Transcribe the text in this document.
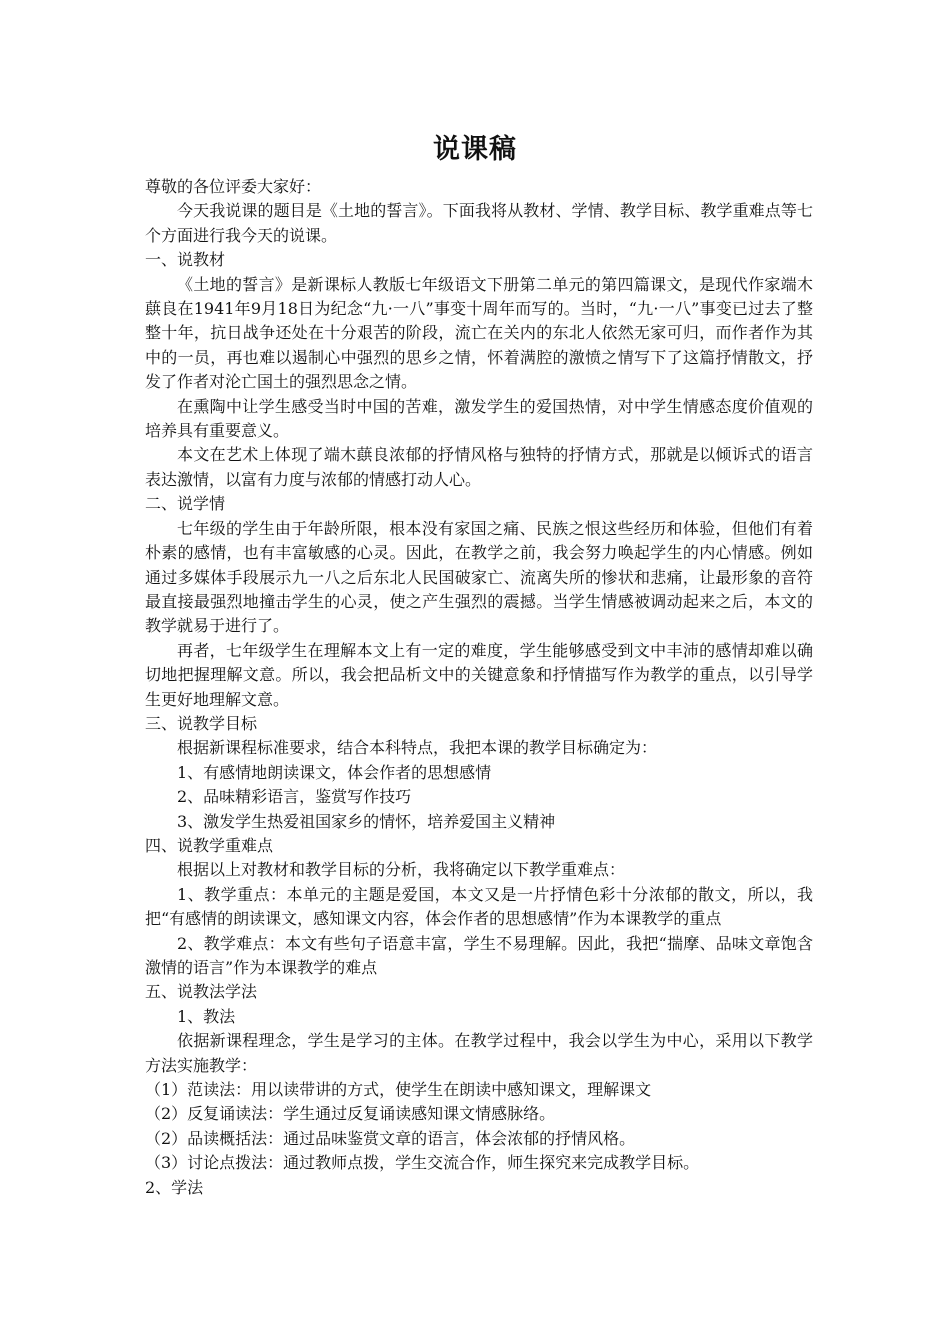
说课稿

尊敬的各位评委大家好：

今天我说课的题目是《土地的誓言》。下面我将从教材、学情、教学目标、教学重难点等七个方面进行我今天的说课。

一、说教材

《土地的誓言》是新课标人教版七年级语文下册第二单元的第四篇课文，是现代作家端木蕻良在1941年9月18日为纪念“九·一八”事变十周年而写的。当时，“九·一八”事变已过去了整整十年，抗日战争还处在十分艰苦的阶段，流亡在关内的东北人依然无家可归，而作者作为其中的一员，再也难以遏制心中强烈的思乡之情，怀着满腔的激愤之情写下了这篇抒情散文，抒发了作者对沦亡国土的强烈思念之情。

在熏陶中让学生感受当时中国的苦难，激发学生的爱国热情，对中学生情感态度价值观的培养具有重要意义。

本文在艺术上体现了端木蕻良浓郁的抒情风格与独特的抒情方式，那就是以倾诉式的语言表达激情，以富有力度与浓郁的情感打动人心。

二、说学情

七年级的学生由于年龄所限，根本没有家国之痛、民族之恨这些经历和体验，但他们有着朴素的感情，也有丰富敏感的心灵。因此，在教学之前，我会努力唤起学生的内心情感。例如通过多媒体手段展示九一八之后东北人民国破家亡、流离失所的惨状和悲痛，让最形象的音符最直接最强烈地撞击学生的心灵，使之产生强烈的震撼。当学生情感被调动起来之后，本文的教学就易于进行了。

再者，七年级学生在理解本文上有一定的难度，学生能够感受到文中丰沛的感情却难以确切地把握理解文意。所以，我会把品析文中的关键意象和抒情描写作为教学的重点，以引导学生更好地理解文意。

三、说教学目标

根据新课程标准要求，结合本科特点，我把本课的教学目标确定为：

1、有感情地朗读课文，体会作者的思想感情

2、品味精彩语言，鉴赏写作技巧

3、激发学生热爱祖国家乡的情怀，培养爱国主义精神

四、说教学重难点

根据以上对教材和教学目标的分析，我将确定以下教学重难点：

1、教学重点：本单元的主题是爱国，本文又是一片抒情色彩十分浓郁的散文，所以，我把“有感情的朗读课文，感知课文内容，体会作者的思想感情”作为本课教学的重点

2、教学难点：本文有些句子语意丰富，学生不易理解。因此，我把“揣摩、品味文章饱含激情的语言”作为本课教学的难点

五、说教法学法

1、教法

依据新课程理念，学生是学习的主体。在教学过程中，我会以学生为中心，采用以下教学方法实施教学：

（1）范读法：用以读带讲的方式，使学生在朗读中感知课文，理解课文

（2）反复诵读法：学生通过反复诵读感知课文情感脉络。

（2）品读概括法：通过品味鉴赏文章的语言，体会浓郁的抒情风格。

（3）讨论点拨法：通过教师点拨，学生交流合作，师生探究来完成教学目标。

2、学法
